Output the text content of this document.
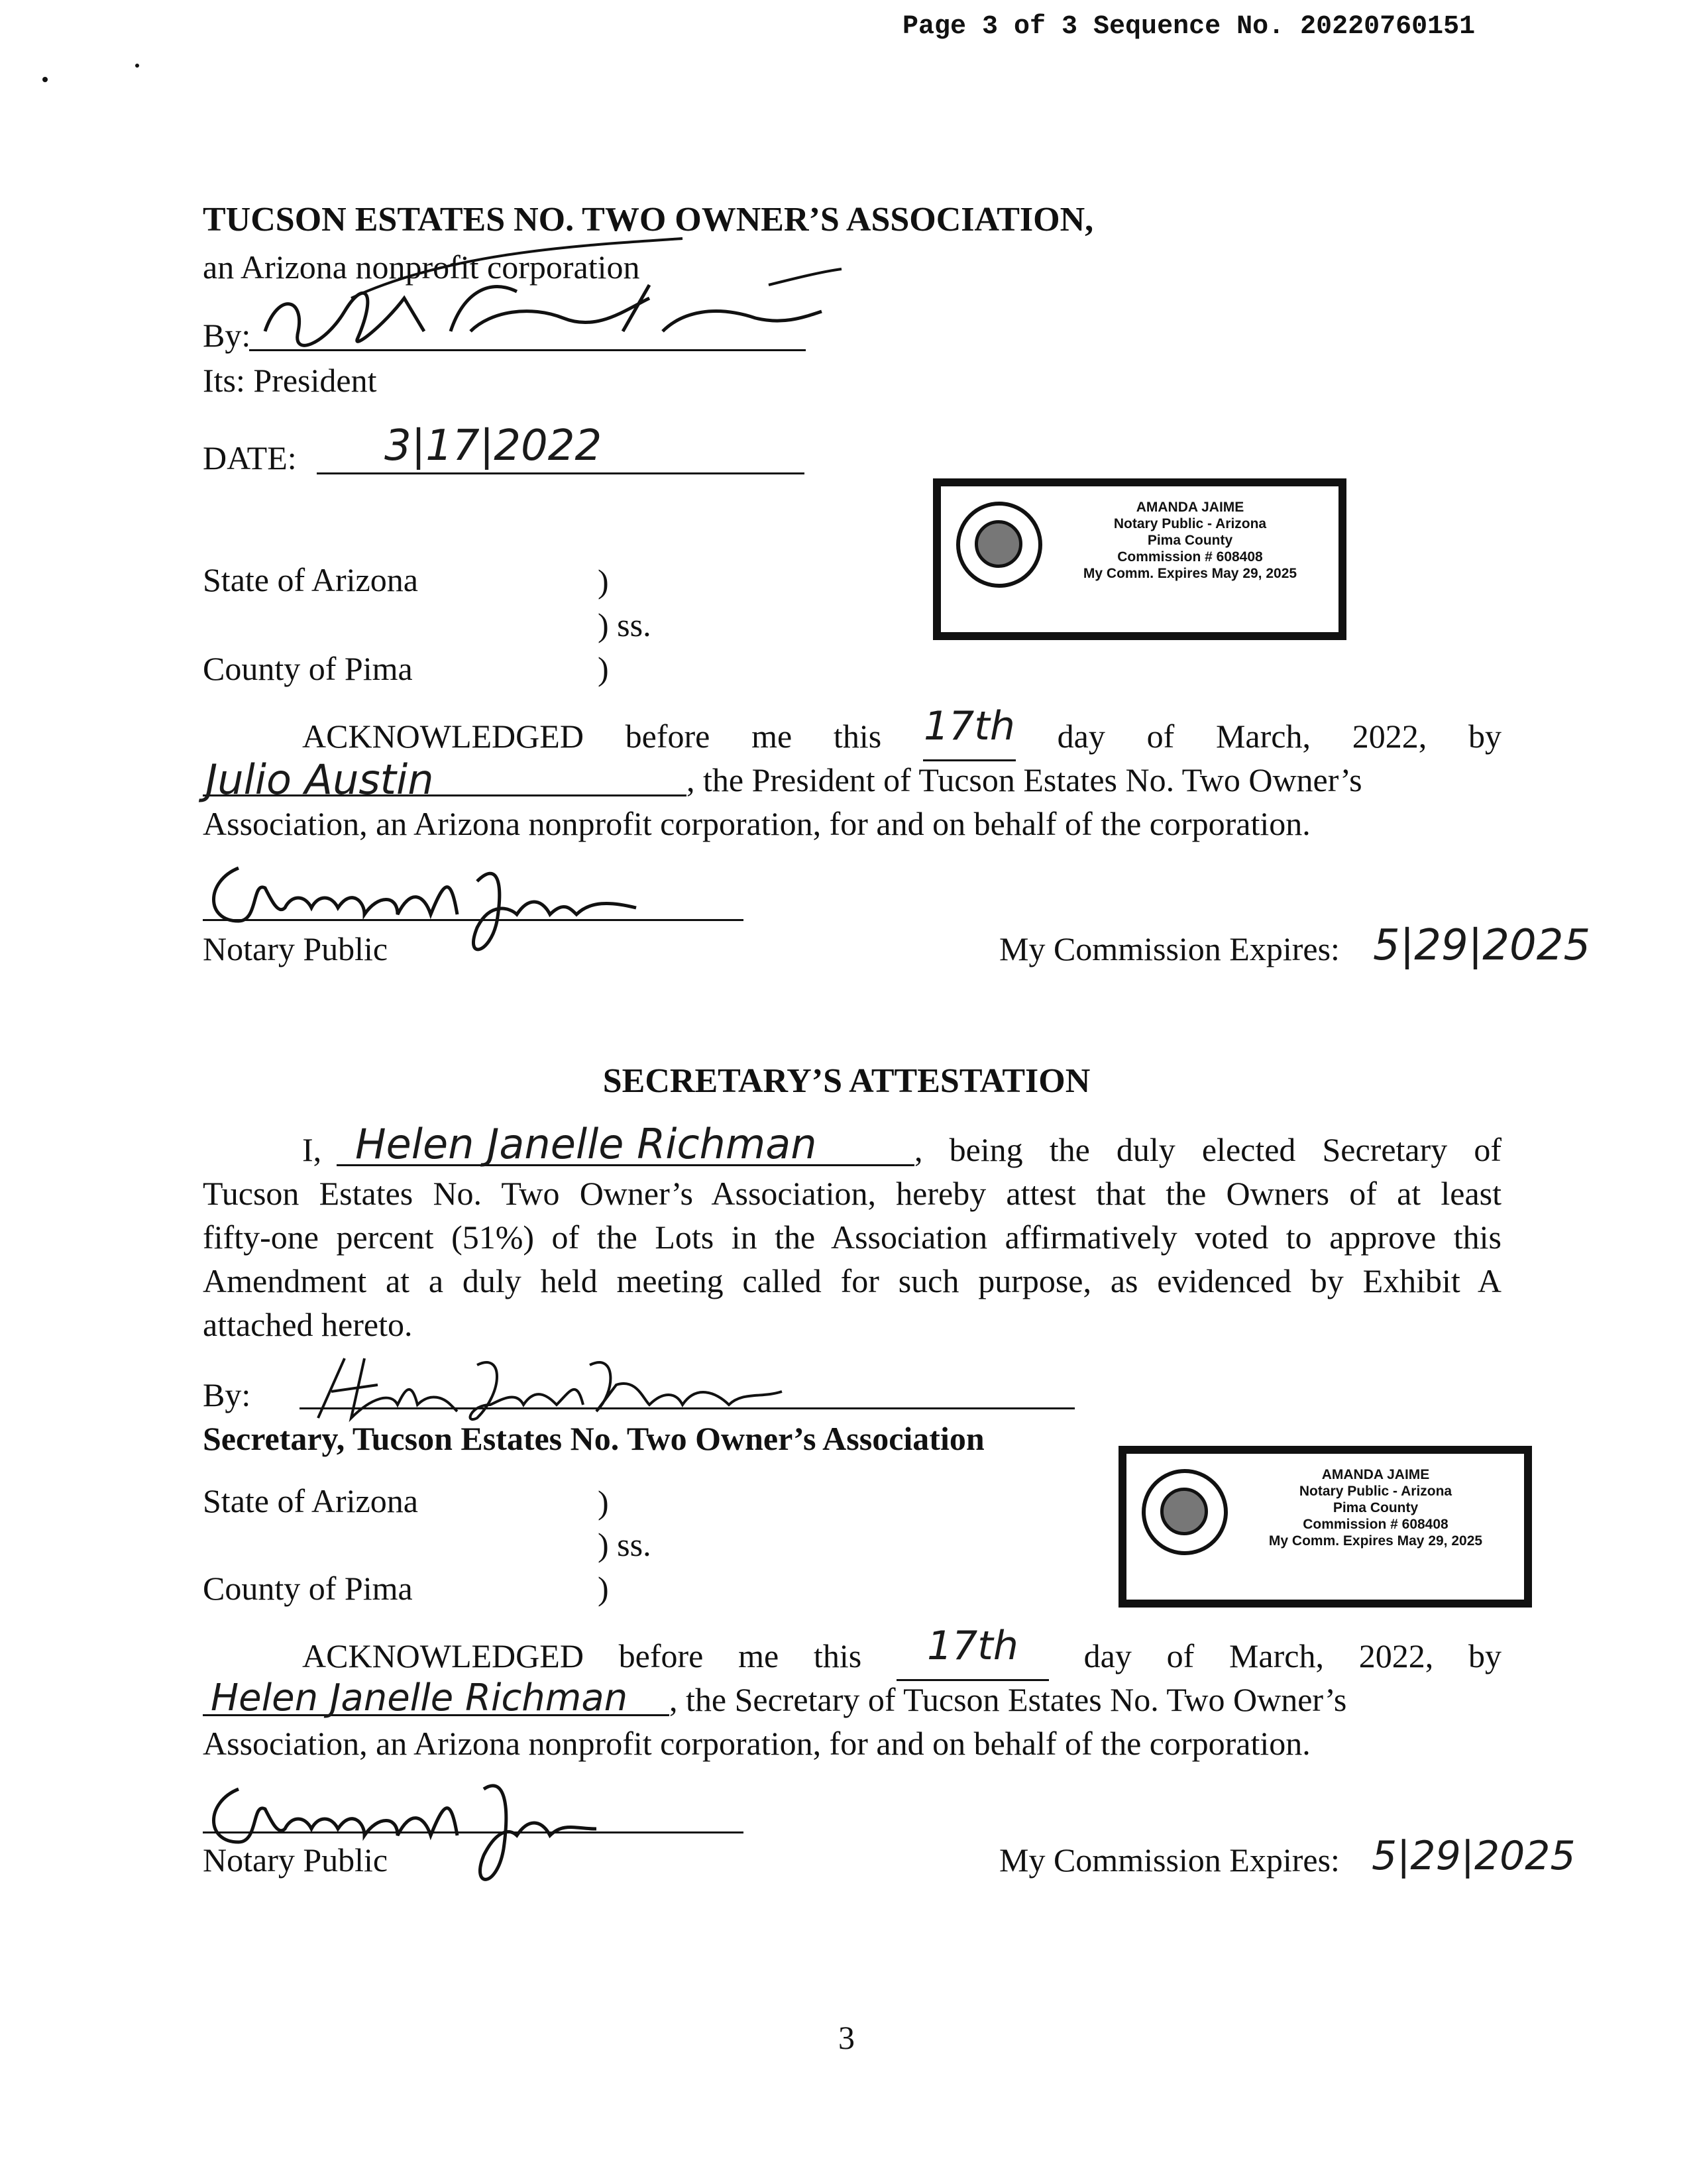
Page 3 of 3 Sequence No. 20220760151
TUCSON ESTATES NO. TWO OWNER’S ASSOCIATION,
an Arizona nonprofit corporation
By:
Its: President
DATE: 3|17|2022
AMANDA JAIME
Notary Public - Arizona
Pima County
Commission # 608408
My Comm. Expires May 29, 2025
State of Arizona	)
) ss.
County of Pima	)
ACKNOWLEDGED before me this 17th day of March, 2022, by
Julio Austin	, the President of Tucson Estates No. Two Owner’s
Association, an Arizona nonprofit corporation, for and on behalf of the corporation.
Notary Public	My Commission Expires: 5|29|2025
SECRETARY’S ATTESTATION
I, Helen Janelle Richman	, being the duly elected Secretary of
Tucson Estates No. Two Owner’s Association, hereby attest that the Owners of at least
fifty-one percent (51%) of the Lots in the Association affirmatively voted to approve this
Amendment at a duly held meeting called for such purpose, as evidenced by Exhibit A
attached hereto.
By:
Secretary, Tucson Estates No. Two Owner’s Association
AMANDA JAIME
Notary Public - Arizona
Pima County
Commission # 608408
My Comm. Expires May 29, 2025
State of Arizona	)
) ss.
County of Pima	)
ACKNOWLEDGED before me this	17th	day of March, 2022, by
Helen Janelle Richman , the Secretary of Tucson Estates No. Two Owner’s
Association, an Arizona nonprofit corporation, for and on behalf of the corporation.
Notary Public	My Commission Expires: 5|29|2025
3
